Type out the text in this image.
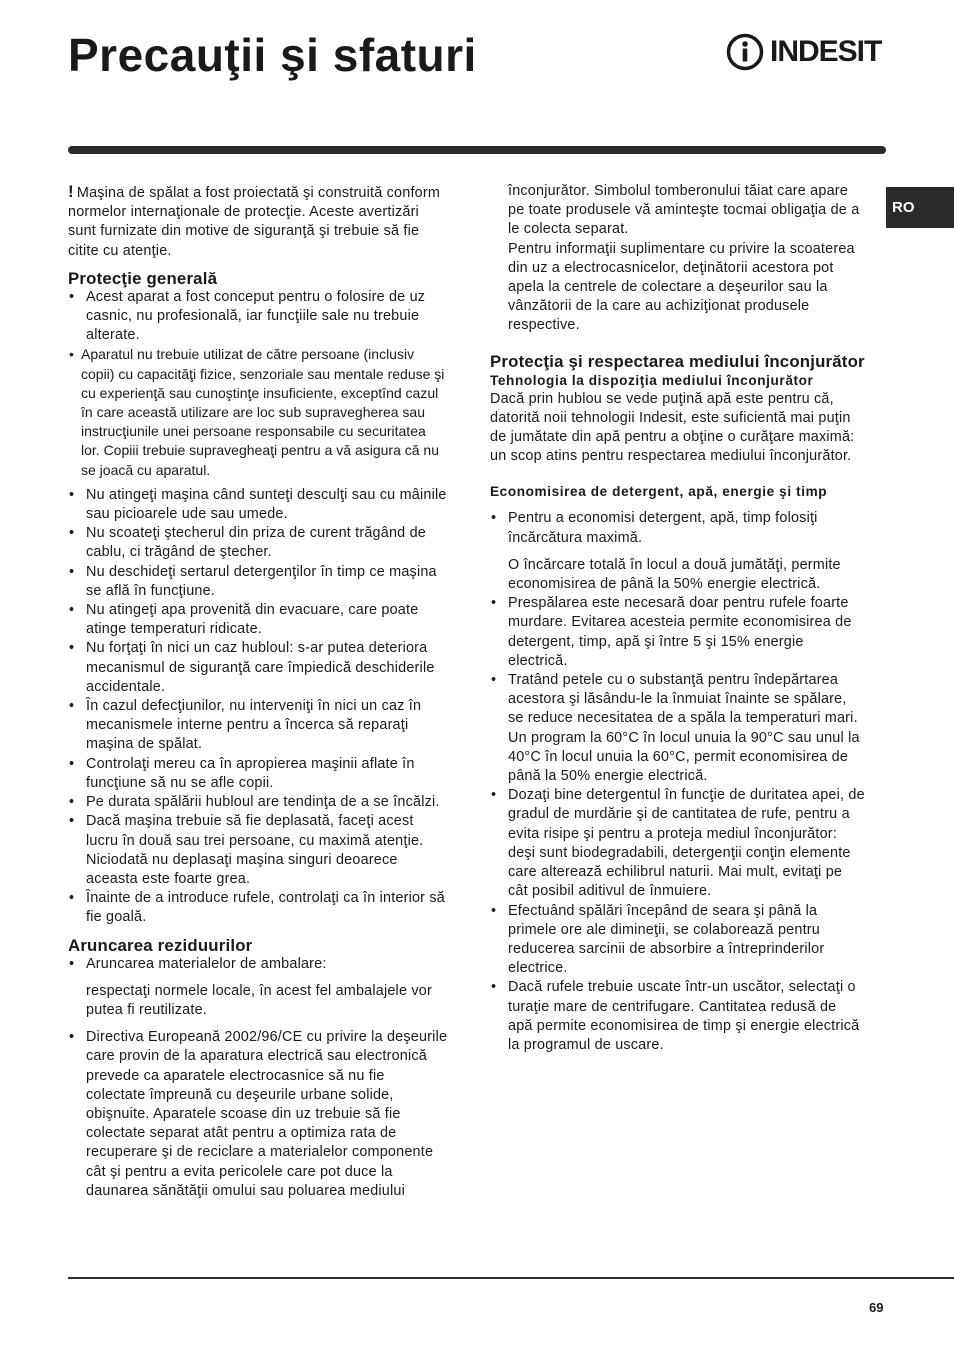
Precauţii şi sfaturi	INDESIT
RO

! Maşina de spălat a fost proiectată şi construită conform normelor internaţionale de protecţie. Aceste avertizări sunt furnizate din motive de siguranţă şi trebuie să fie citite cu atenţie.

Protecţie generală
• Acest aparat a fost conceput pentru o folosire de uz casnic, nu profesională, iar funcţiile sale nu trebuie alterate.
• Aparatul nu trebuie utilizat de către persoane (inclusiv copii) cu capacităţi fizice, senzoriale sau mentale reduse şi cu experienţă sau cunoştinţe insuficiente, exceptînd cazul în care această utilizare are loc sub supravegherea sau instrucţiunile unei persoane responsabile cu securitatea lor. Copiii trebuie supravegheaţi pentru a vă asigura că nu se joacă cu aparatul.
• Nu atingeţi maşina când sunteţi desculţi sau cu mâinile sau picioarele ude sau umede.
• Nu scoateţi ştecherul din priza de curent trăgând de cablu, ci trăgând de ştecher.
• Nu deschideţi sertarul detergenţilor în timp ce maşina se află în funcţiune.
• Nu atingeţi apa provenită din evacuare, care poate atinge temperaturi ridicate.
• Nu forţaţi în nici un caz hubloul: s-ar putea deteriora mecanismul de siguranţă care împiedică deschiderile accidentale.
• În cazul defecţiunilor, nu interveniţi în nici un caz în mecanismele interne pentru a încerca să reparaţi maşina de spălat.
• Controlaţi mereu ca în apropierea maşinii aflate în funcţiune să nu se afle copii.
• Pe durata spălării hubloul are tendinţa de a se încălzi.
• Dacă maşina trebuie să fie deplasată, faceţi acest lucru în două sau trei persoane, cu maximă atenţie. Niciodată nu deplasaţi maşina singuri deoarece aceasta este foarte grea.
• Înainte de a introduce rufele, controlaţi ca în interior să fie goală.
Aruncarea reziduurilor
• Aruncarea materialelor de ambalare:

respectaţi normele locale, în acest fel ambalajele vor putea fi reutilizate.

• Directiva Europeană 2002/96/CE cu privire la deşeurile care provin de la aparatura electrică sau electronică prevede ca aparatele electrocasnice să nu fie colectate împreună cu deşeurile urbane solide, obişnuite. Aparatele scoase din uz trebuie să fie colectate separat atât pentru a optimiza rata de recuperare şi de reciclare a materialelor componente cât şi pentru a evita pericolele care pot duce la daunarea sănătăţii omului sau poluarea mediului

înconjurător. Simbolul tomberonului tăiat care apare pe toate produsele vă aminteşte tocmai obligaţia de a le colecta separat.

Pentru informaţii suplimentare cu privire la scoaterea din uz a electrocasnicelor, deţinătorii acestora pot apela la centrele de colectare a deşeurilor sau la vânzătorii de la care au achiziţionat produsele respective.

Protecţia şi respectarea mediului înconjurător
Tehnologia la dispoziţia mediului înconjurător

Dacă prin hublou se vede puţină apă este pentru că, datorită noii tehnologii Indesit, este suficientă mai puţin de jumătate din apă pentru a obţine o curăţare maximă: un scop atins pentru respectarea mediului înconjurător.

Economisirea de detergent, apă, energie şi timp
• Pentru a economisi detergent, apă, timp folosiţi încărcătura maximă.

O încărcare totală în locul a două jumătăţi, permite economisirea de până la 50% energie electrică.

• Prespălarea este necesară doar pentru rufele foarte murdare. Evitarea acesteia permite economisirea de detergent, timp, apă şi între 5 şi 15% energie electrică.
• Tratând petele cu o substanţă pentru îndepărtarea acestora şi lăsându-le la înmuiat înainte se spălare, se reduce necesitatea de a spăla la temperaturi mari. Un program la 60°C în locul unuia la 90°C sau unul la 40°C în locul unuia la 60°C, permit economisirea de până la 50% energie electrică.
• Dozaţi bine detergentul în funcţie de duritatea apei, de gradul de murdărie şi de cantitatea de rufe, pentru a evita risipe şi pentru a proteja mediul înconjurător: deşi sunt biodegradabili, detergenţii conţin elemente care alterează echilibrul naturii. Mai mult, evitaţi pe cât posibil aditivul de înmuiere.
• Efectuând spălări începând de seara şi până la primele ore ale dimineţii, se colaborează pentru reducerea sarcinii de absorbire a întreprinderilor electrice.
• Dacă rufele trebuie uscate într-un uscător, selectaţi o turaţie mare de centrifugare. Cantitatea redusă de apă permite economisirea de timp şi energie electrică la programul de uscare.
69
